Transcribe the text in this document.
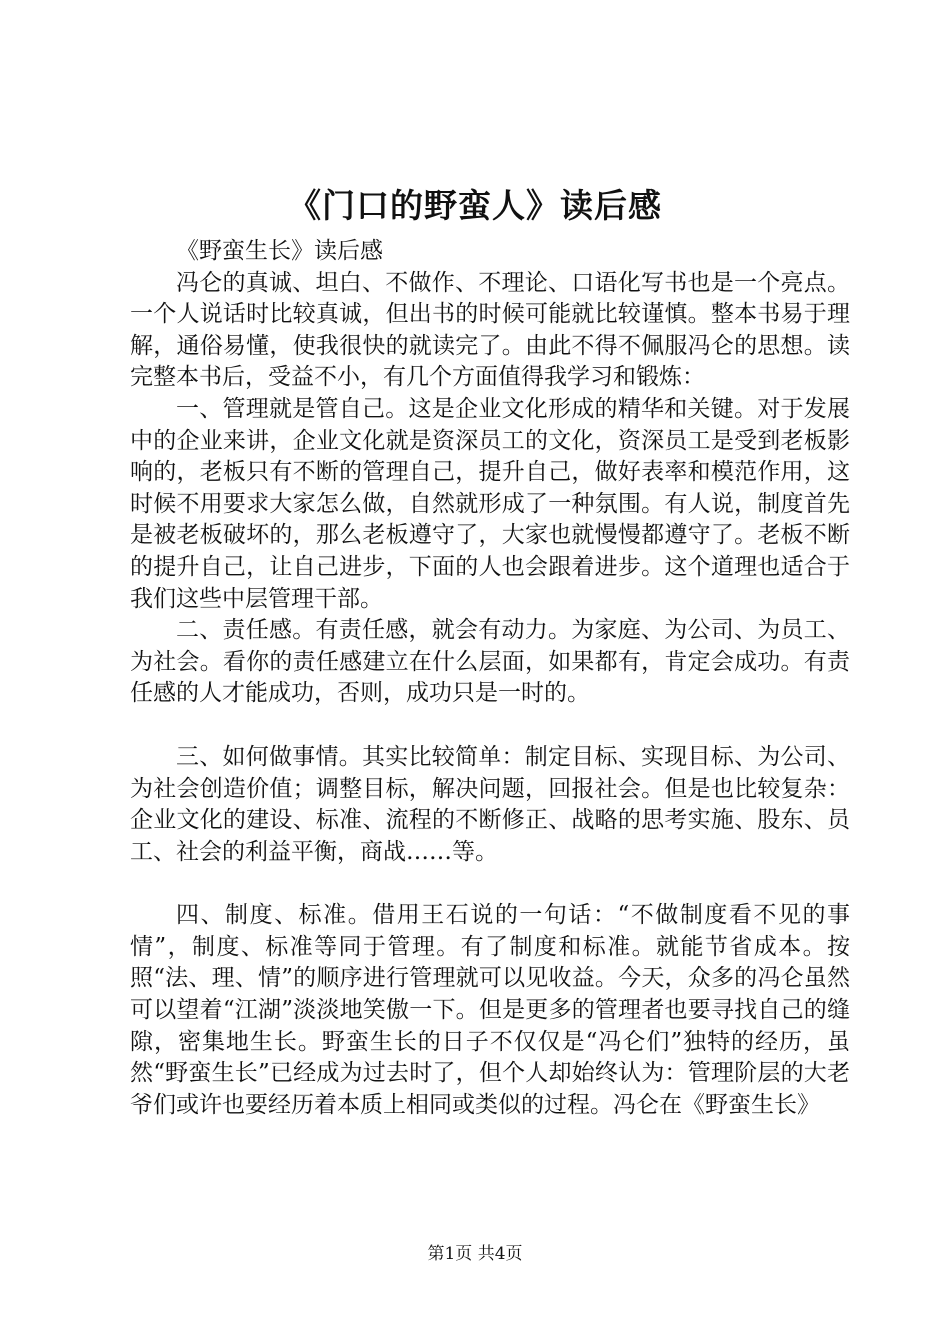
《门口的野蛮人》读后感

《野蛮生长》读后感

冯仑的真诚、坦白、不做作、不理论、口语化写书也是一个亮点。一个人说话时比较真诚，但出书的时候可能就比较谨慎。整本书易于理解，通俗易懂，使我很快的就读完了。由此不得不佩服冯仑的思想。读完整本书后，受益不小，有几个方面值得我学习和锻炼：

一、管理就是管自己。这是企业文化形成的精华和关键。对于发展中的企业来讲，企业文化就是资深员工的文化，资深员工是受到老板影响的，老板只有不断的管理自己，提升自己，做好表率和模范作用，这时候不用要求大家怎么做，自然就形成了一种氛围。有人说，制度首先是被老板破坏的，那么老板遵守了，大家也就慢慢都遵守了。老板不断的提升自己，让自己进步，下面的人也会跟着进步。这个道理也适合于我们这些中层管理干部。

二、责任感。有责任感，就会有动力。为家庭、为公司、为员工、为社会。看你的责任感建立在什么层面，如果都有，肯定会成功。有责任感的人才能成功，否则，成功只是一时的。

三、如何做事情。其实比较简单：制定目标、实现目标、为公司、为社会创造价值；调整目标，解决问题，回报社会。但是也比较复杂：企业文化的建设、标准、流程的不断修正、战略的思考实施、股东、员工、社会的利益平衡，商战……等。

四、制度、标准。借用王石说的一句话：“不做制度看不见的事情”，制度、标准等同于管理。有了制度和标准。就能节省成本。按照“法、理、情”的顺序进行管理就可以见收益。今天，众多的冯仑虽然可以望着“江湖”淡淡地笑傲一下。但是更多的管理者也要寻找自己的缝隙，密集地生长。野蛮生长的日子不仅仅是“冯仑们”独特的经历，虽然“野蛮生长”已经成为过去时了，但个人却始终认为：管理阶层的大老爷们或许也要经历着本质上相同或类似的过程。冯仑在《野蛮生长》

第1页 共4页
